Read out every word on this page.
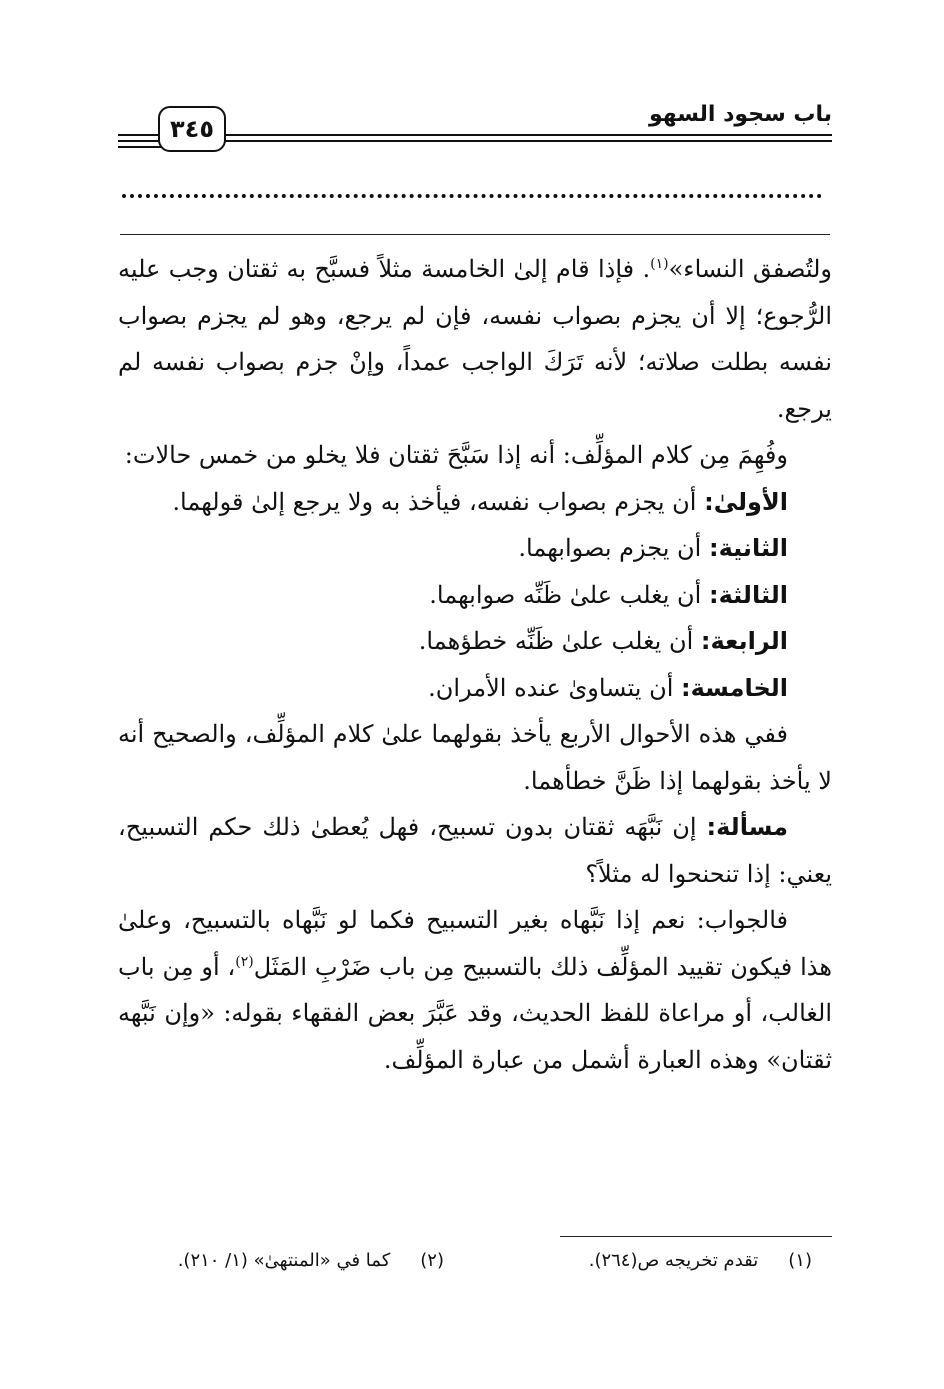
باب سجود السهو
٣٤٥

ولتُصفق النساء»$^{(١)}$. فإذا قام إلىٰ الخامسة مثلاً فسبَّح به ثقتان وجب عليه الرُّجوع؛ إلا أن يجزم بصواب نفسه، فإن لم يرجع، وهو لم يجزم بصواب نفسه بطلت صلاته؛ لأنه تَرَكَ الواجب عمداً، وإنْ جزم بصواب نفسه لم يرجع.

وفُهِمَ مِن كلام المؤلِّف: أنه إذا سَبَّحَ ثقتان فلا يخلو من خمس حالات:

الأولىٰ: أن يجزم بصواب نفسه، فيأخذ به ولا يرجع إلىٰ قولهما.

الثانية: أن يجزم بصوابهما.

الثالثة: أن يغلب علىٰ ظَنِّه صوابهما.

الرابعة: أن يغلب علىٰ ظَنِّه خطؤهما.

الخامسة: أن يتساوىٰ عنده الأمران.

ففي هذه الأحوال الأربع يأخذ بقولهما علىٰ كلام المؤلِّف، والصحيح أنه لا يأخذ بقولهما إذا ظَنَّ خطأهما.

مسألة: إن نَبَّهَه ثقتان بدون تسبيح، فهل يُعطىٰ ذلك حكم التسبيح، يعني: إذا تنحنحوا له مثلاً؟

فالجواب: نعم إذا نَبَّهاه بغير التسبيح فكما لو نَبَّهاه بالتسبيح، وعلىٰ هذا فيكون تقييد المؤلِّف ذلك بالتسبيح مِن باب ضَرْبِ المَثَل$^{(٢)}$، أو مِن باب الغالب، أو مراعاة للفظ الحديث، وقد عَبَّرَ بعض الفقهاء بقوله: «وإن نَبَّهه ثقتان» وهذه العبارة أشمل من عبارة المؤلِّف.

(١)تقدم تخريجه ص(٢٦٤).
(٢)كما في «المنتهىٰ» (١/ ٢١٠).
